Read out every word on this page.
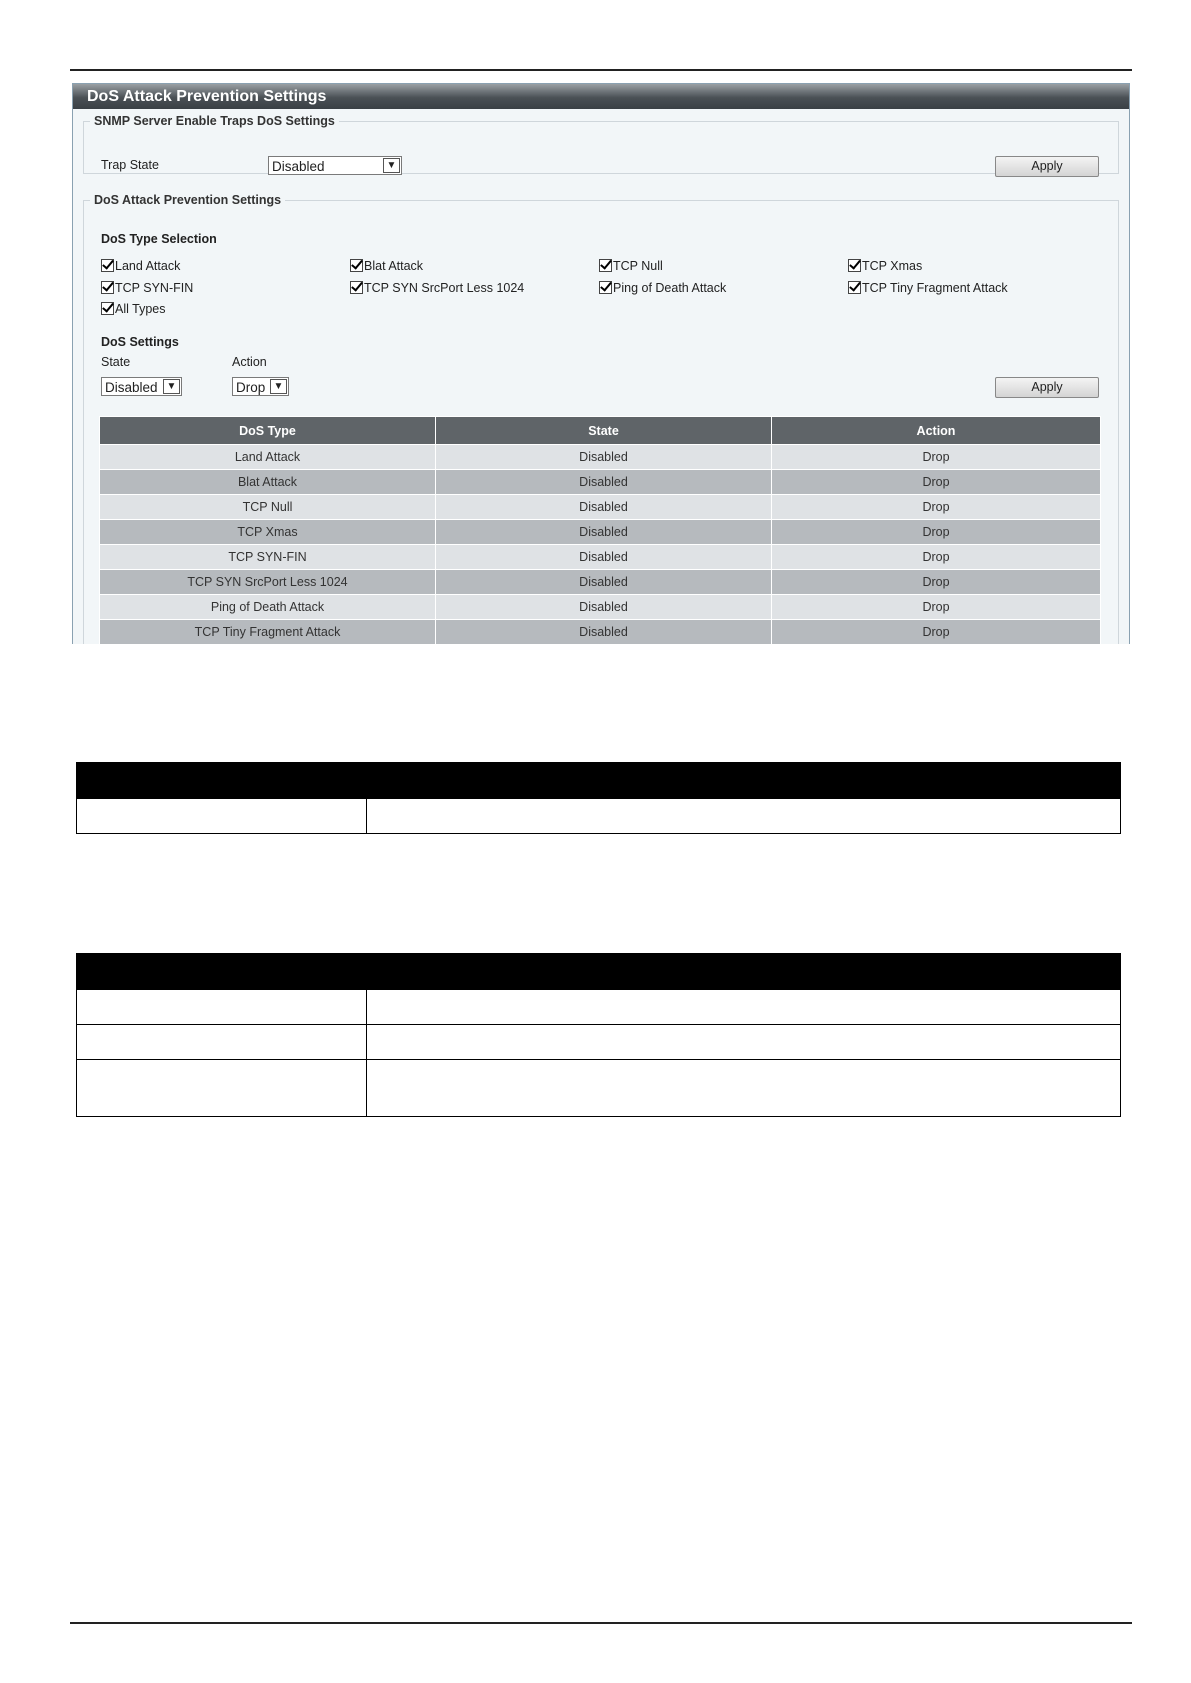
DoS Attack Prevention Settings
SNMP Server Enable Traps DoS Settings
Trap State	Disabled	▼	Apply
DoS Attack Prevention Settings
DoS Type Selection
Land Attack	Blat Attack	TCP Null	TCP Xmas
TCP SYN-FIN	TCP SYN SrcPort Less 1024	Ping of Death Attack	TCP Tiny Fragment Attack
All Types
DoS Settings
State	Action
Disabled ▼	Drop ▼	Apply
DoS Type	State	Action
Land Attack	Disabled	Drop
Blat Attack	Disabled	Drop
TCP Null	Disabled	Drop
TCP Xmas	Disabled	Drop
TCP SYN-FIN	Disabled	Drop
TCP SYN SrcPort Less 1024	Disabled	Drop
Ping of Death Attack	Disabled	Drop
TCP Tiny Fragment Attack	Disabled	Drop
